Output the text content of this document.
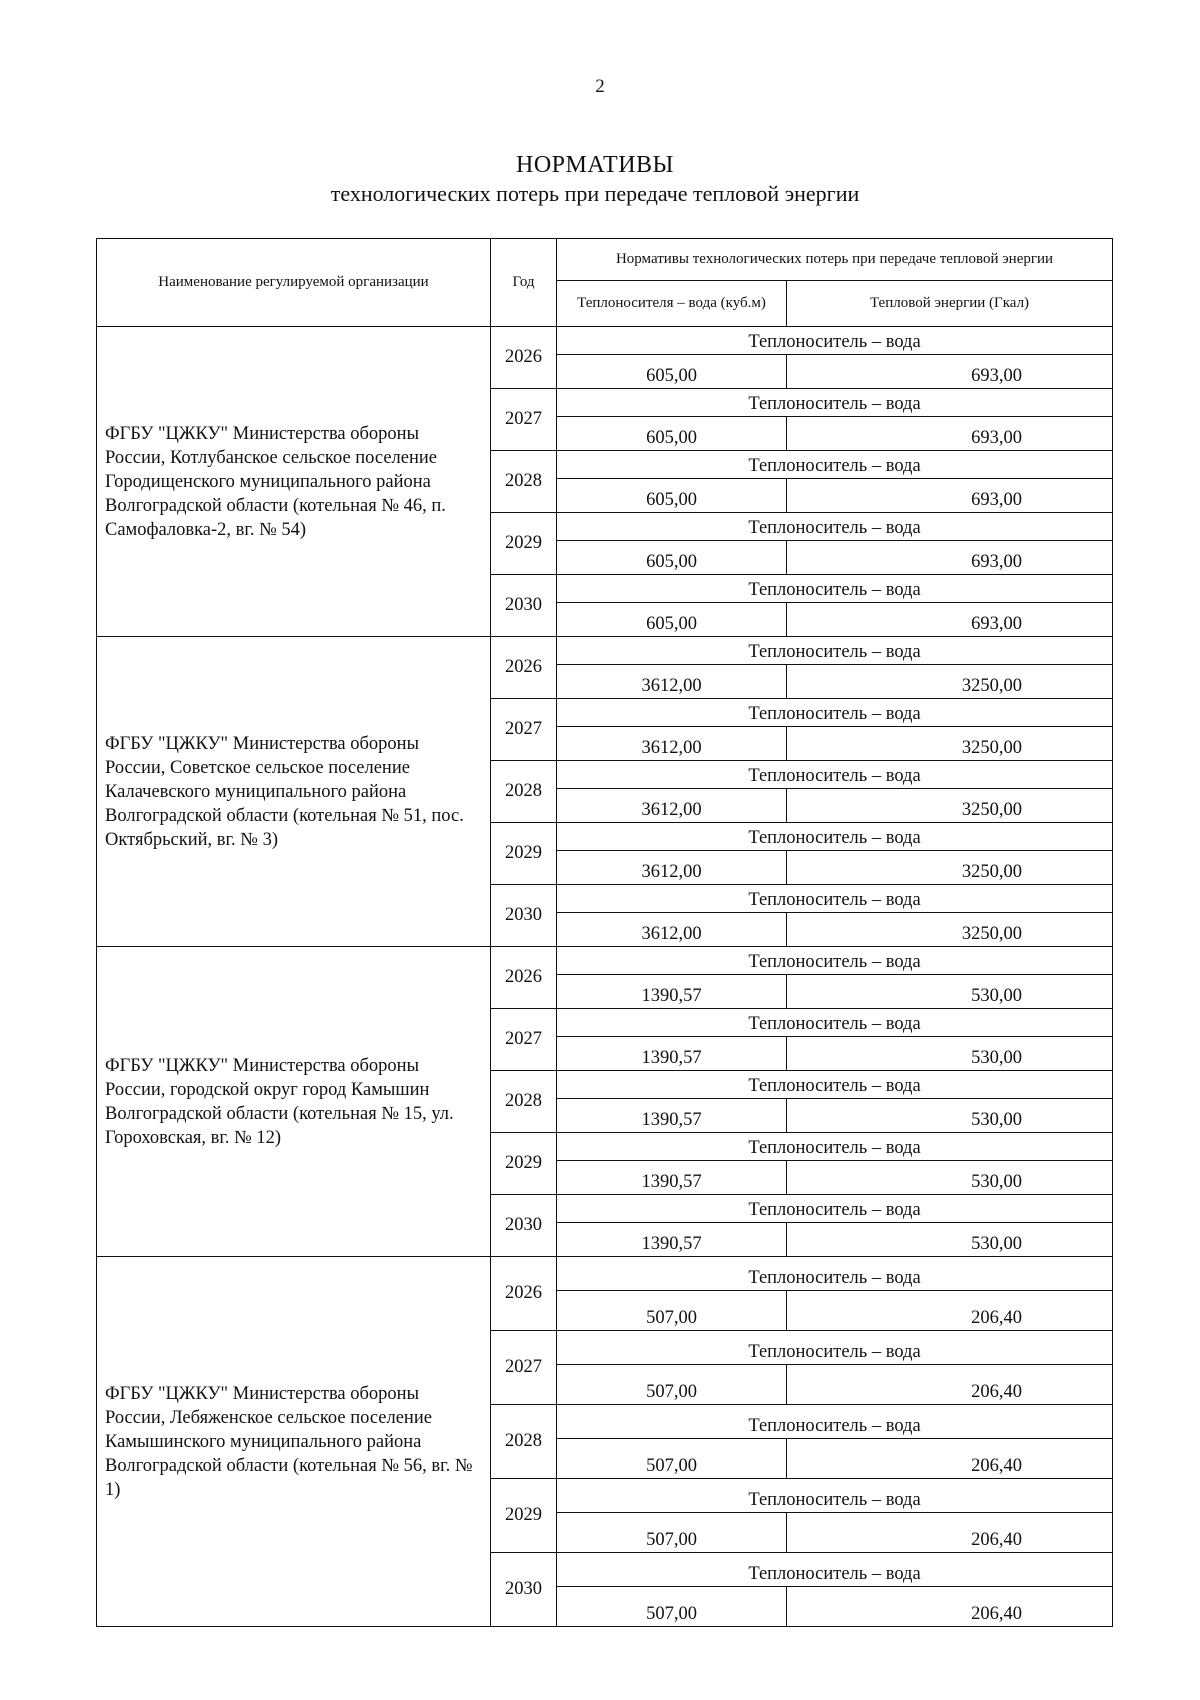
2
НОРМАТИВЫ
технологических потерь при передаче тепловой энергии
Наименование регулируемой организации	Год	Нормативы технологических потерь при передаче тепловой энергии	
		Теплоносителя – вода (куб.м)	Тепловой энергии (Гкал)
ФГБУ "ЦЖКУ" Министерства обороны России, Котлубанское сельское поселение Городищенского муниципального района Волгоградской области (котельная № 46, п. Самофаловка-2, вг. № 54)	2026	Теплоноситель – вода	
		605,00	693,00
	2027	Теплоноситель – вода	
		605,00	693,00
	2028	Теплоноситель – вода	
		605,00	693,00
	2029	Теплоноситель – вода	
		605,00	693,00
	2030	Теплоноситель – вода	
		605,00	693,00
ФГБУ "ЦЖКУ" Министерства обороны России, Советское сельское поселение Калачевского муниципального района Волгоградской области (котельная № 51, пос. Октябрьский, вг. № 3)	2026	Теплоноситель – вода	
		3612,00	3250,00
	2027	Теплоноситель – вода	
		3612,00	3250,00
	2028	Теплоноситель – вода	
		3612,00	3250,00
	2029	Теплоноситель – вода	
		3612,00	3250,00
	2030	Теплоноситель – вода	
		3612,00	3250,00
ФГБУ "ЦЖКУ" Министерства обороны России, городской округ город Камышин Волгоградской области (котельная № 15, ул. Гороховская, вг. № 12)	2026	Теплоноситель – вода	
		1390,57	530,00
	2027	Теплоноситель – вода	
		1390,57	530,00
	2028	Теплоноситель – вода	
		1390,57	530,00
	2029	Теплоноситель – вода	
		1390,57	530,00
	2030	Теплоноситель – вода	
		1390,57	530,00
ФГБУ "ЦЖКУ" Министерства обороны России, Лебяженское сельское поселение Камышинского муниципального района Волгоградской области (котельная № 56, вг. № 1)	2026	Теплоноситель – вода	
		507,00	206,40
	2027	Теплоноситель – вода	
		507,00	206,40
	2028	Теплоноситель – вода	
		507,00	206,40
	2029	Теплоноситель – вода	
		507,00	206,40
	2030	Теплоноситель – вода	
		507,00	206,40
